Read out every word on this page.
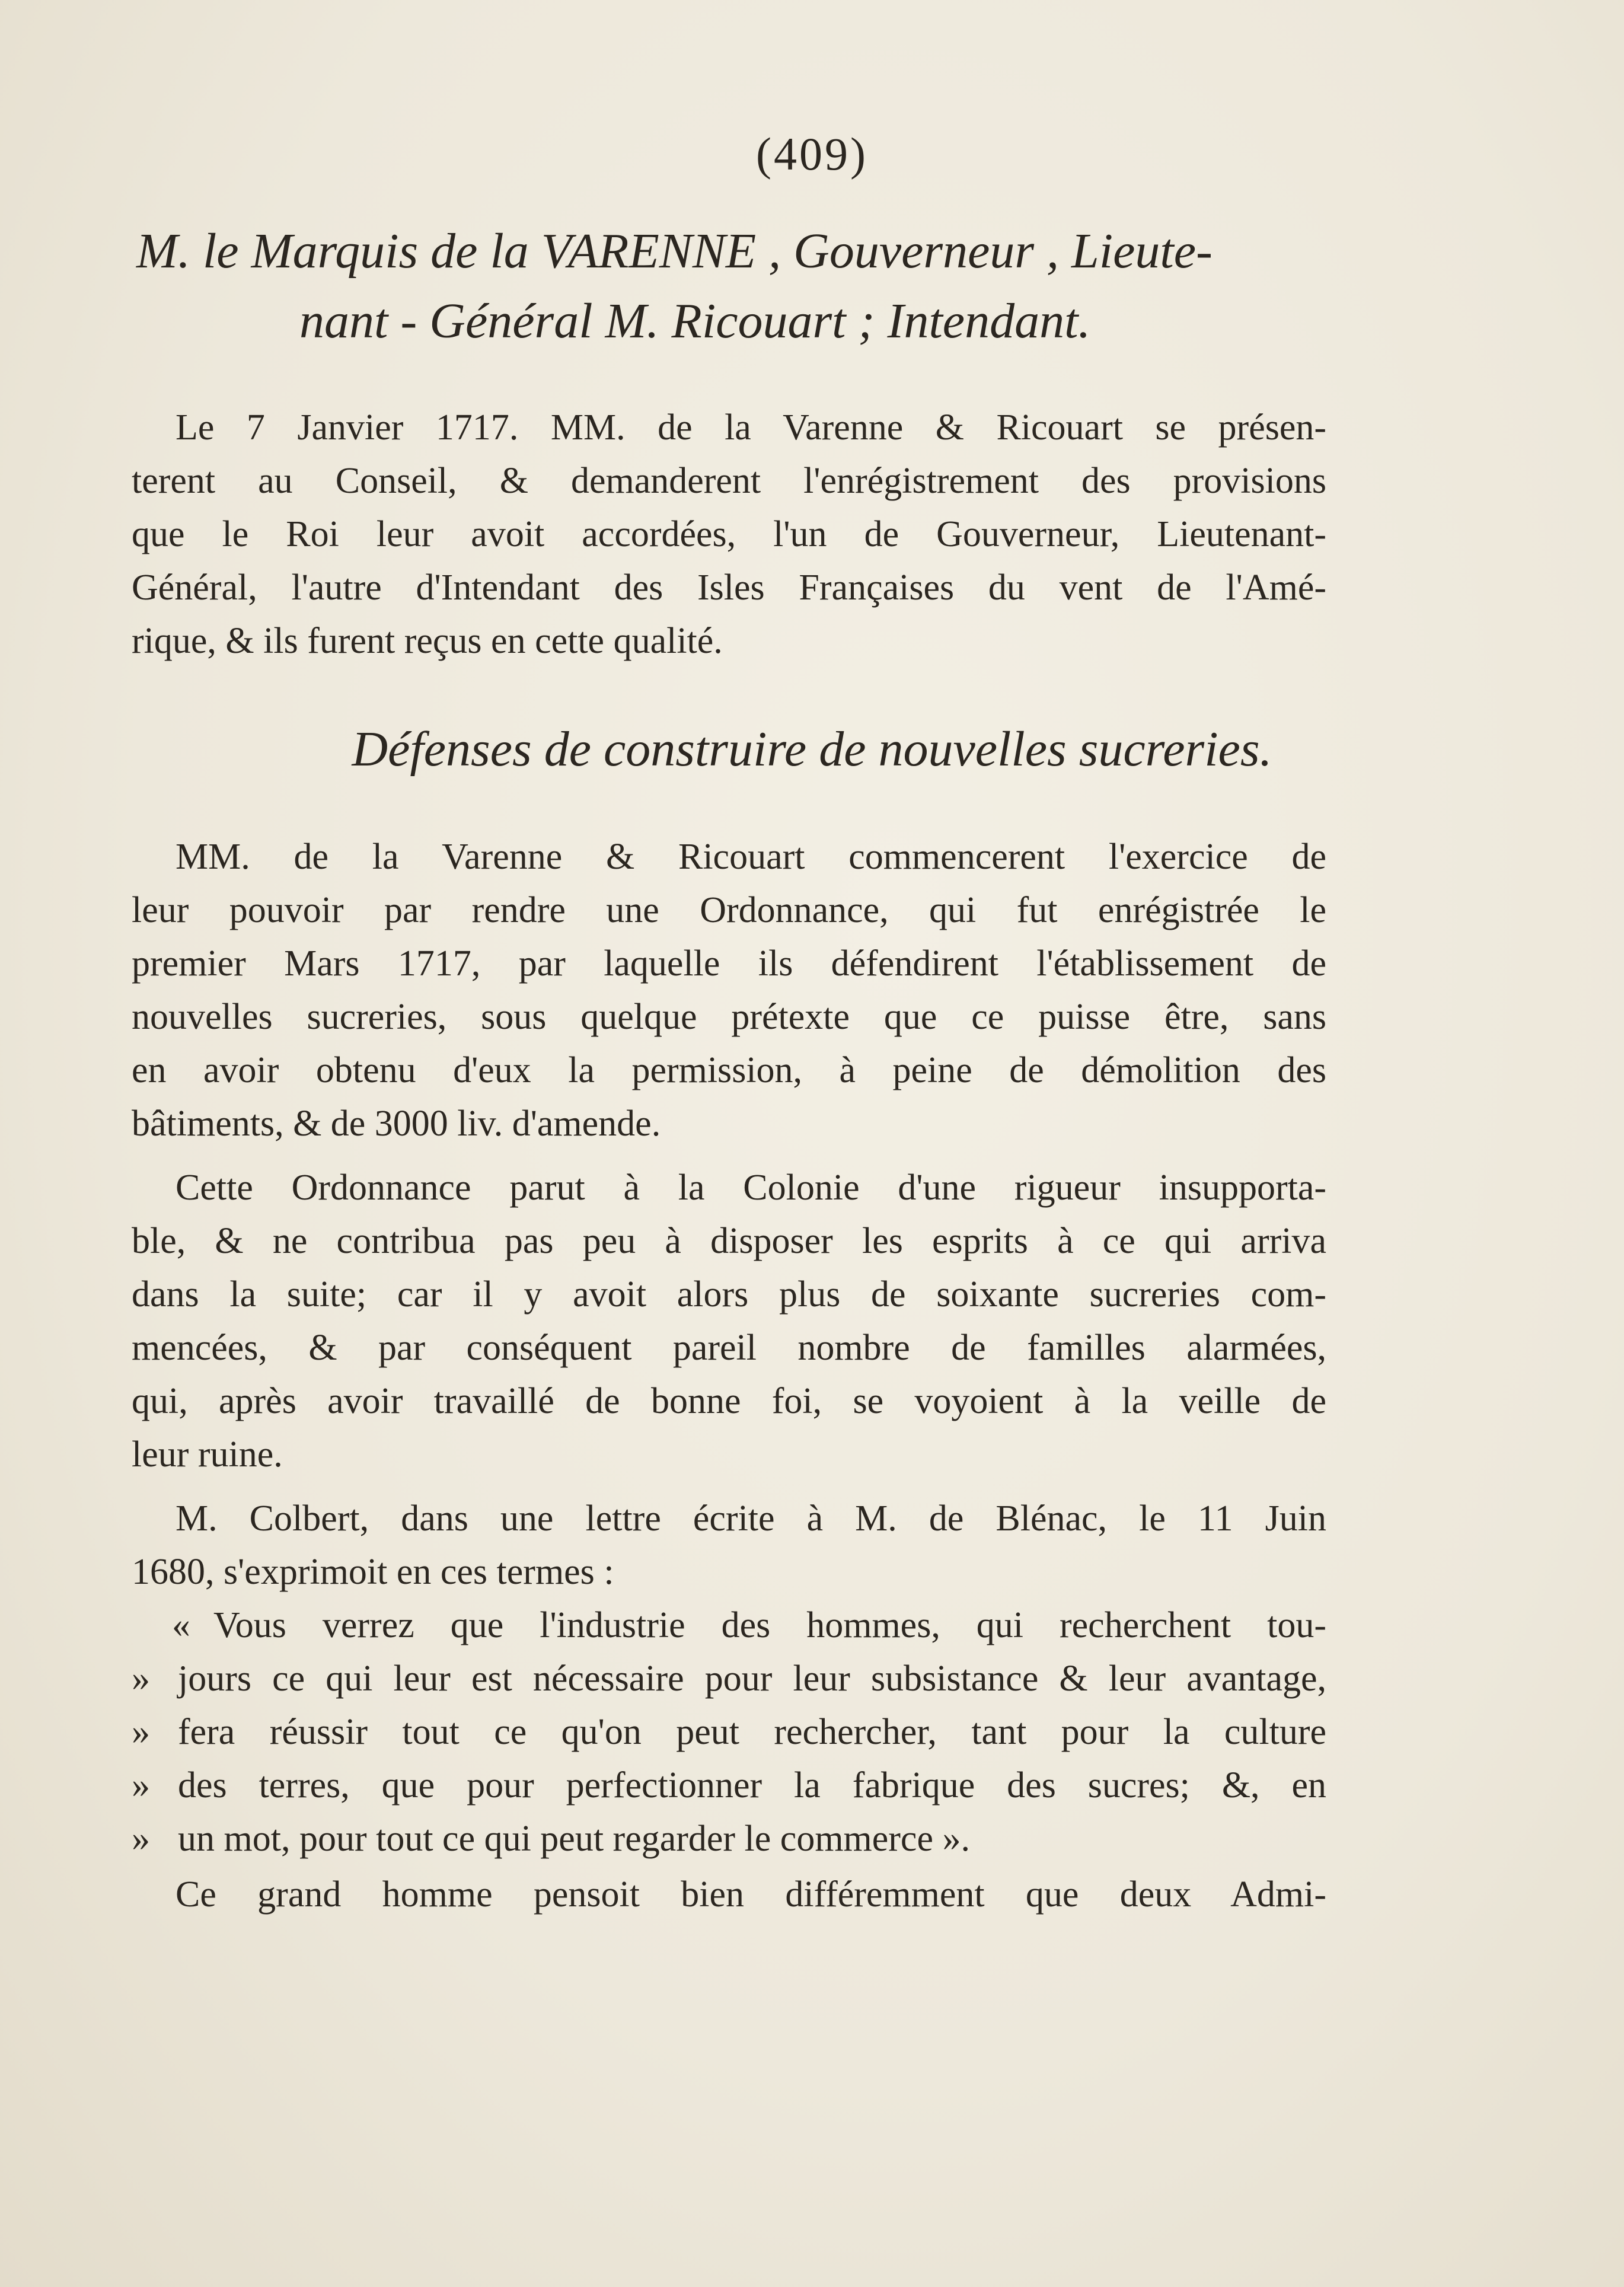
(409)
M. le Marquis de la VARENNE , Gouverneur , Lieute-

nant - Général M. Ricouart ; Intendant.
Le 7 Janvier 1717. MM. de la Varenne & Ricouart se présen-
terent au Conseil, & demanderent l'enrégistrement des provisions
que le Roi leur avoit accordées, l'un de Gouverneur, Lieutenant-
Général, l'autre d'Intendant des Isles Françaises du vent de l'Amé-
rique, & ils furent reçus en cette qualité.
Défenses de construire de nouvelles sucreries.
MM. de la Varenne & Ricouart commencerent l'exercice de
leur pouvoir par rendre une Ordonnance, qui fut enrégistrée le
premier Mars 1717, par laquelle ils défendirent l'établissement de
nouvelles sucreries, sous quelque prétexte que ce puisse être, sans
en avoir obtenu d'eux la permission, à peine de démolition des
bâtiments, & de 3000 liv. d'amende.
Cette Ordonnance parut à la Colonie d'une rigueur insupporta-
ble, & ne contribua pas peu à disposer les esprits à ce qui arriva
dans la suite; car il y avoit alors plus de soixante sucreries com-
mencées, & par conséquent pareil nombre de familles alarmées,
qui, après avoir travaillé de bonne foi, se voyoient à la veille de
leur ruine.
M. Colbert, dans une lettre écrite à M. de Blénac, le 11 Juin
1680, s'exprimoit en ces termes :
« Vous verrez que l'industrie des hommes, qui recherchent tou-
» jours ce qui leur est nécessaire pour leur subsistance & leur avantage,
» fera réussir tout ce qu'on peut rechercher, tant pour la culture
» des terres, que pour perfectionner la fabrique des sucres; &, en
» un mot, pour tout ce qui peut regarder le commerce ».
Ce grand homme pensoit bien différemment que deux Admi-
